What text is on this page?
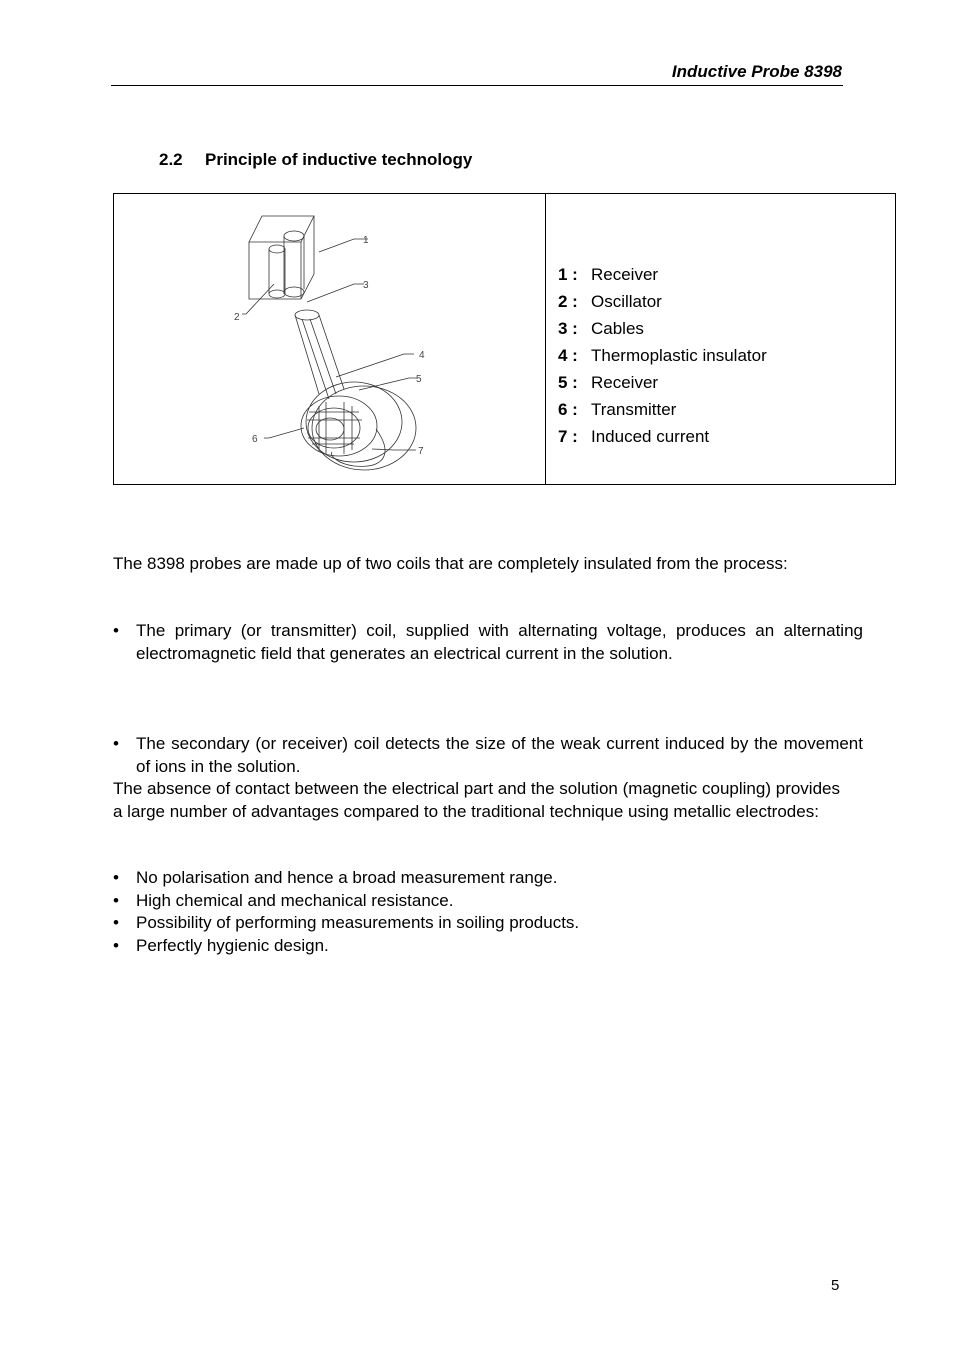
Inductive Probe 8398
2.2 Principle of inductive technology
1
2
3
4
5
6
7
1 : Receiver
2 : Oscillator
3 : Cables
4 : Thermoplastic insulator
5 : Receiver
6 : Transmitter
7 : Induced current
The 8398 probes are made up of two coils that are completely insulated from the process:
• The primary (or transmitter) coil, supplied with alternating voltage, produces an alternating electromagnetic field that generates an electrical current in the solution.
• The secondary (or receiver) coil detects the size of the weak current induced by the movement of ions in the solution.
The absence of contact between the electrical part and the solution (magnetic coupling) provides a large number of advantages compared to the traditional technique using metallic electrodes:
• No polarisation and hence a broad measurement range.
• High chemical and mechanical resistance.
• Possibility of performing measurements in soiling products.
• Perfectly hygienic design.
5
